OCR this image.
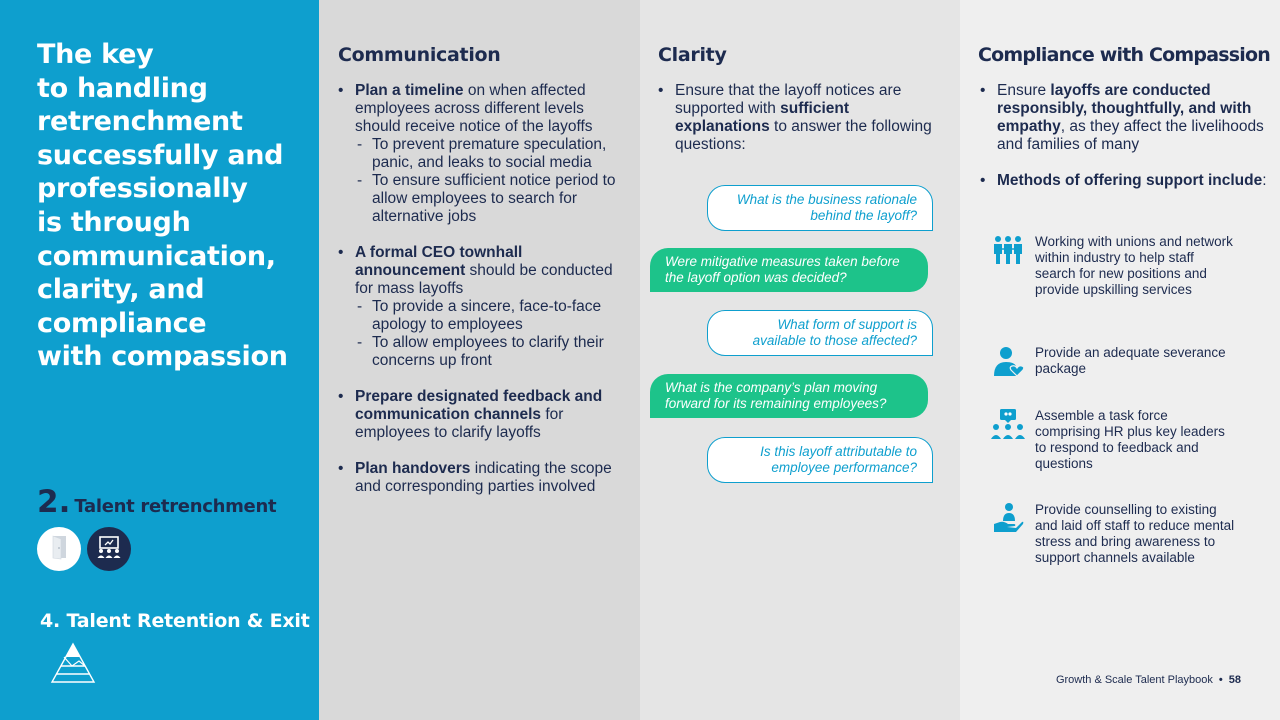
The key
to handling
retrenchment
successfully and
professionally
is through
communication,
clarity, and
compliance
with compassion
2. Talent retrenchment
4. Talent Retention & Exit
Communication
• Plan a timeline on when affected employees across different levels should receive notice of the layoffs
- To prevent premature speculation, panic, and leaks to social media
- To ensure sufficient notice period to allow employees to search for alternative jobs
• A formal CEO townhall announcement should be conducted for mass layoffs
- To provide a sincere, face-to-face apology to employees
- To allow employees to clarify their concerns up front
• Prepare designated feedback and communication channels for employees to clarify layoffs
• Plan handovers indicating the scope and corresponding parties involved
Clarity
• Ensure that the layoff notices are supported with sufficient explanations to answer the following questions:
What is the business rationale behind the layoff?
Were mitigative measures taken before the layoff option was decided?
What form of support is available to those affected?
What is the company’s plan moving forward for its remaining employees?
Is this layoff attributable to employee performance?
Compliance with Compassion
• Ensure layoffs are conducted responsibly, thoughtfully, and with empathy, as they affect the livelihoods and families of many
• Methods of offering support include:
Working with unions and network within industry to help staff search for new positions and provide upskilling services
Provide an adequate severance package
Assemble a task force comprising HR plus key leaders to respond to feedback and questions
Provide counselling to existing and laid off staff to reduce mental stress and bring awareness to support channels available
Growth & Scale Talent Playbook • 58
